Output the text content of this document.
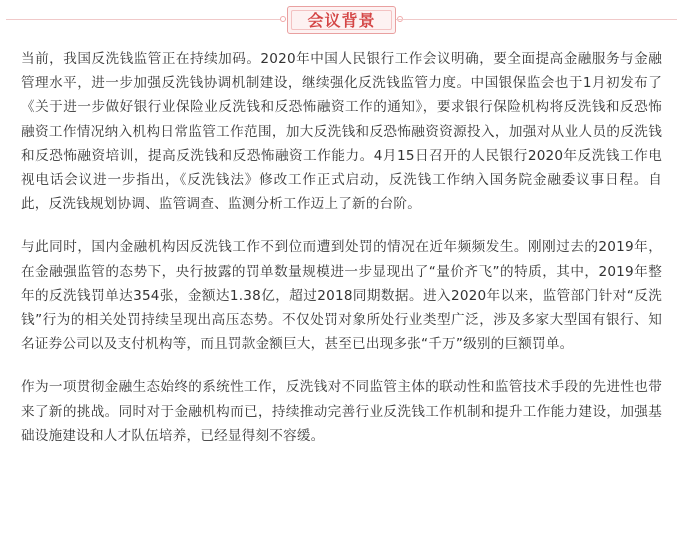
会议背景

当前，我国反洗钱监管正在持续加码。2020年中国人民银行工作会议明确，要全面提高金融服务与金融管理水平，进一步加强反洗钱协调机制建设，继续强化反洗钱监管力度。中国银保监会也于1月初发布了《关于进一步做好银行业保险业反洗钱和反恐怖融资工作的通知》，要求银行保险机构将反洗钱和反恐怖融资工作情况纳入机构日常监管工作范围，加大反洗钱和反恐怖融资资源投入，加强对从业人员的反洗钱和反恐怖融资培训，提高反洗钱和反恐怖融资工作能力。4月15日召开的人民银行2020年反洗钱工作电视电话会议进一步指出，《反洗钱法》修改工作正式启动，反洗钱工作纳入国务院金融委议事日程。自此，反洗钱规划协调、监管调查、监测分析工作迈上了新的台阶。

与此同时，国内金融机构因反洗钱工作不到位而遭到处罚的情况在近年频频发生。刚刚过去的2019年，在金融强监管的态势下，央行披露的罚单数量规模进一步显现出了“量价齐飞”的特质，其中，2019年整年的反洗钱罚单达354张，金额达1.38亿，超过2018同期数据。进入2020年以来，监管部门针对“反洗钱”行为的相关处罚持续呈现出高压态势。不仅处罚对象所处行业类型广泛，涉及多家大型国有银行、知名证券公司以及支付机构等，而且罚款金额巨大，甚至已出现多张“千万”级别的巨额罚单。

作为一项贯彻金融生态始终的系统性工作，反洗钱对不同监管主体的联动性和监管技术手段的先进性也带来了新的挑战。同时对于金融机构而已，持续推动完善行业反洗钱工作机制和提升工作能力建设，加强基础设施建设和人才队伍培养，已经显得刻不容缓。
